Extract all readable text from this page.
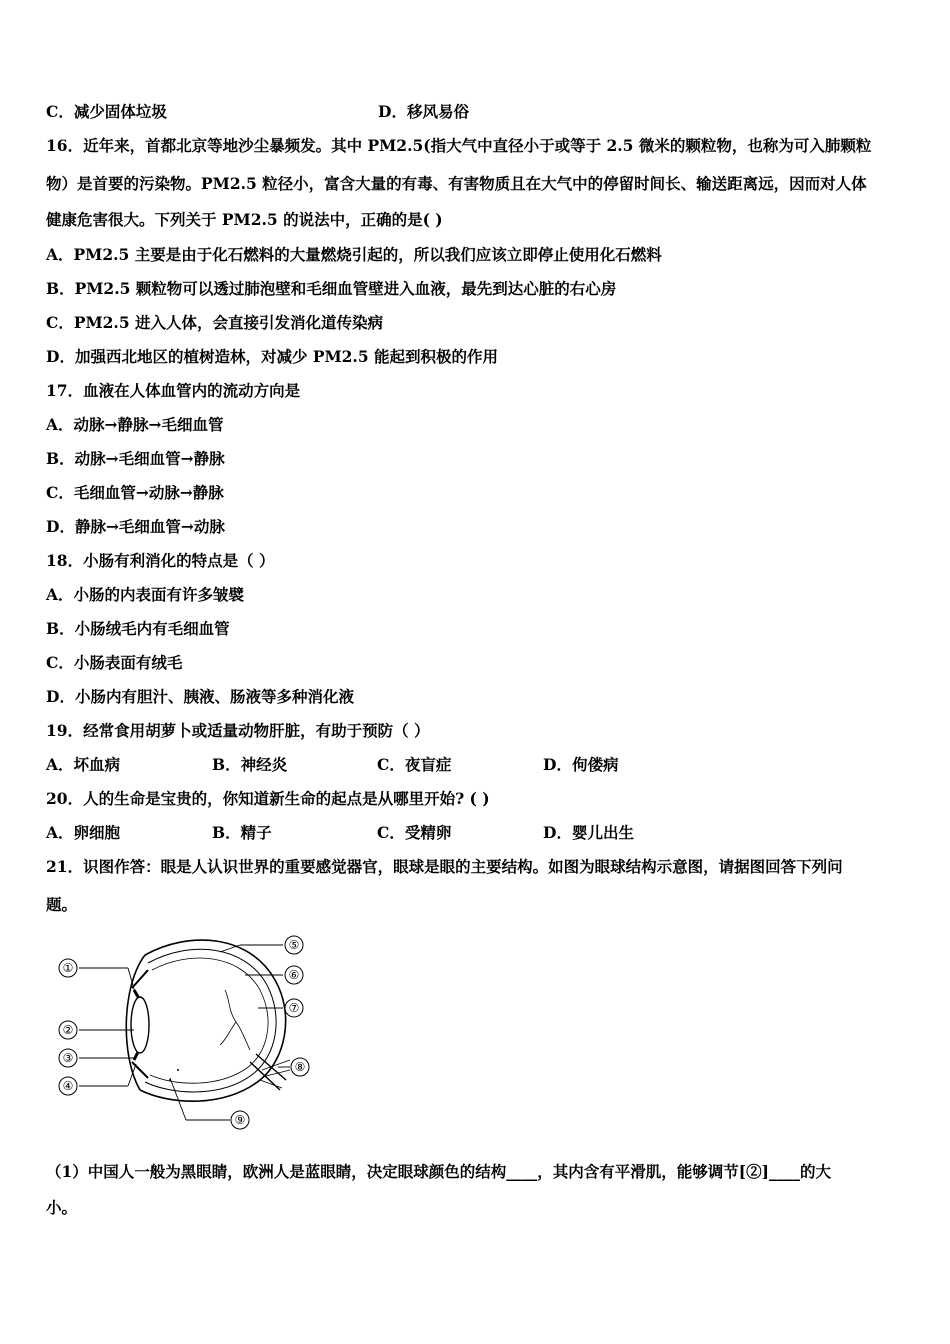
C．减少固体垃圾	D．移风易俗
16．近年来，首都北京等地沙尘暴频发。其中 PM2.5(指大气中直径小于或等于 2.5 微米的颗粒物，也称为可入肺颗粒
物）是首要的污染物。PM2.5 粒径小，富含大量的有毒、有害物质且在大气中的停留时间长、输送距离远，因而对人体
健康危害很大。下列关于 PM2.5 的说法中，正确的是( )
A．PM2.5 主要是由于化石燃料的大量燃烧引起的，所以我们应该立即停止使用化石燃料
B．PM2.5 颗粒物可以透过肺泡壁和毛细血管壁进入血液，最先到达心脏的右心房
C．PM2.5 进入人体，会直接引发消化道传染病
D．加强西北地区的植树造林，对减少 PM2.5 能起到积极的作用
17．血液在人体血管内的流动方向是
A．动脉→静脉→毛细血管
B．动脉→毛细血管→静脉
C．毛细血管→动脉→静脉
D．静脉→毛细血管→动脉
18．小肠有利消化的特点是（ ）
A．小肠的内表面有许多皱襞
B．小肠绒毛内有毛细血管
C．小肠表面有绒毛
D．小肠内有胆汁、胰液、肠液等多种消化液
19．经常食用胡萝卜或适量动物肝脏，有助于预防（ ）
A．坏血病	B．神经炎	C．夜盲症	D．佝偻病
20．人的生命是宝贵的，你知道新生命的起点是从哪里开始? ( )
A．卵细胞	B．精子	C．受精卵	D．婴儿出生
21．识图作答：眼是人认识世界的重要感觉器官，眼球是眼的主要结构。如图为眼球结构示意图，请据图回答下列问
题。
①
②
③
④
⑤
⑥
⑦
⑧
⑨
（1）中国人一般为黑眼睛，欧洲人是蓝眼睛，决定眼球颜色的结构____，其内含有平滑肌，能够调节[②]____的大
小。
